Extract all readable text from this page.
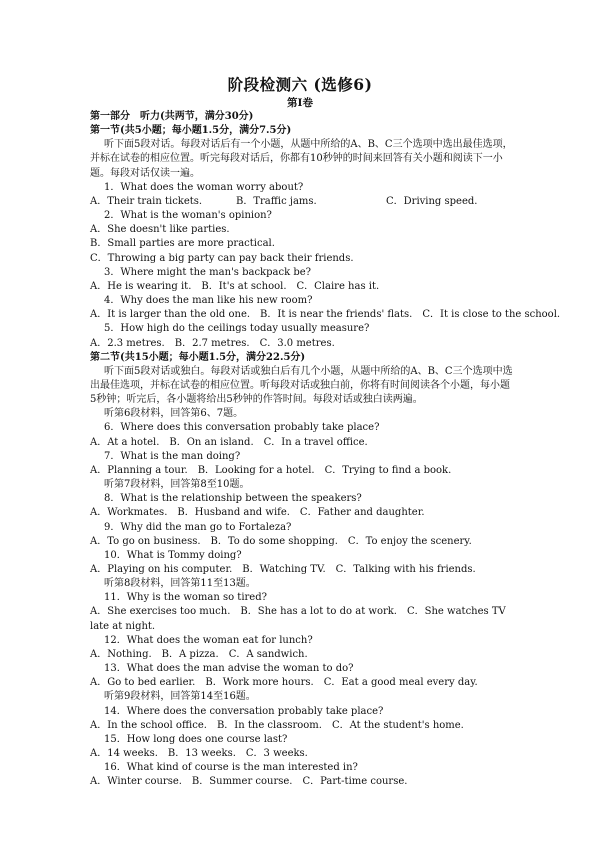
阶段检测六 (选修6)
第Ⅰ卷

第一部分　听力(共两节，满分30分)

第一节(共5小题；每小题1.5分，满分7.5分)

听下面5段对话。每段对话后有一个小题，从题中所给的A、B、C三个选项中选出最佳选项，并标在试卷的相应位置。听完每段对话后，你都有10秒钟的时间来回答有关小题和阅读下一小题。每段对话仅读一遍。

1．What does the woman worry about?

A．Their train tickets.	B．Traffic jams.	C．Driving speed.

2．What is the woman's opinion?

A．She doesn't like parties.

B．Small parties are more practical.

C．Throwing a big party can pay back their friends.

3．Where might the man's backpack be?

A．He is wearing it.　B．It's at school.　C．Claire has it.

4．Why does the man like his new room?

A．It is larger than the old one.　B．It is near the friends' flats.　C．It is close to the school.

5．How high do the ceilings today usually measure?

A．2.3 metres.　B．2.7 metres.　C．3.0 metres.

第二节(共15小题；每小题1.5分，满分22.5分)

听下面5段对话或独白。每段对话或独白后有几个小题，从题中所给的A、B、C三个选项中选出最佳选项，并标在试卷的相应位置。听每段对话或独白前，你将有时间阅读各个小题，每小题5秒钟；听完后，各小题将给出5秒钟的作答时间。每段对话或独白读两遍。

听第6段材料，回答第6、7题。

6．Where does this conversation probably take place?

A．At a hotel.　B．On an island.　C．In a travel office.

7．What is the man doing?

A．Planning a tour.　B．Looking for a hotel.　C．Trying to find a book.

听第7段材料，回答第8至10题。

8．What is the relationship between the speakers?

A．Workmates.　B．Husband and wife.　C．Father and daughter.

9．Why did the man go to Fortaleza?

A．To go on business.　B．To do some shopping.　C．To enjoy the scenery.

10．What is Tommy doing?

A．Playing on his computer.　B．Watching TV.　C．Talking with his friends.

听第8段材料，回答第11至13题。

11．Why is the woman so tired?

A．She exercises too much.　B．She has a lot to do at work.　C．She watches TV late at night.

12．What does the woman eat for lunch?

A．Nothing.　B．A pizza.　C．A sandwich.

13．What does the man advise the woman to do?

A．Go to bed earlier.　B．Work more hours.　C．Eat a good meal every day.

听第9段材料，回答第14至16题。

14．Where does the conversation probably take place?

A．In the school office.　B．In the classroom.　C．At the student's home.

15．How long does one course last?

A．14 weeks.　B．13 weeks.　C．3 weeks.

16．What kind of course is the man interested in?

A．Winter course.　B．Summer course.　C．Part-time course.
